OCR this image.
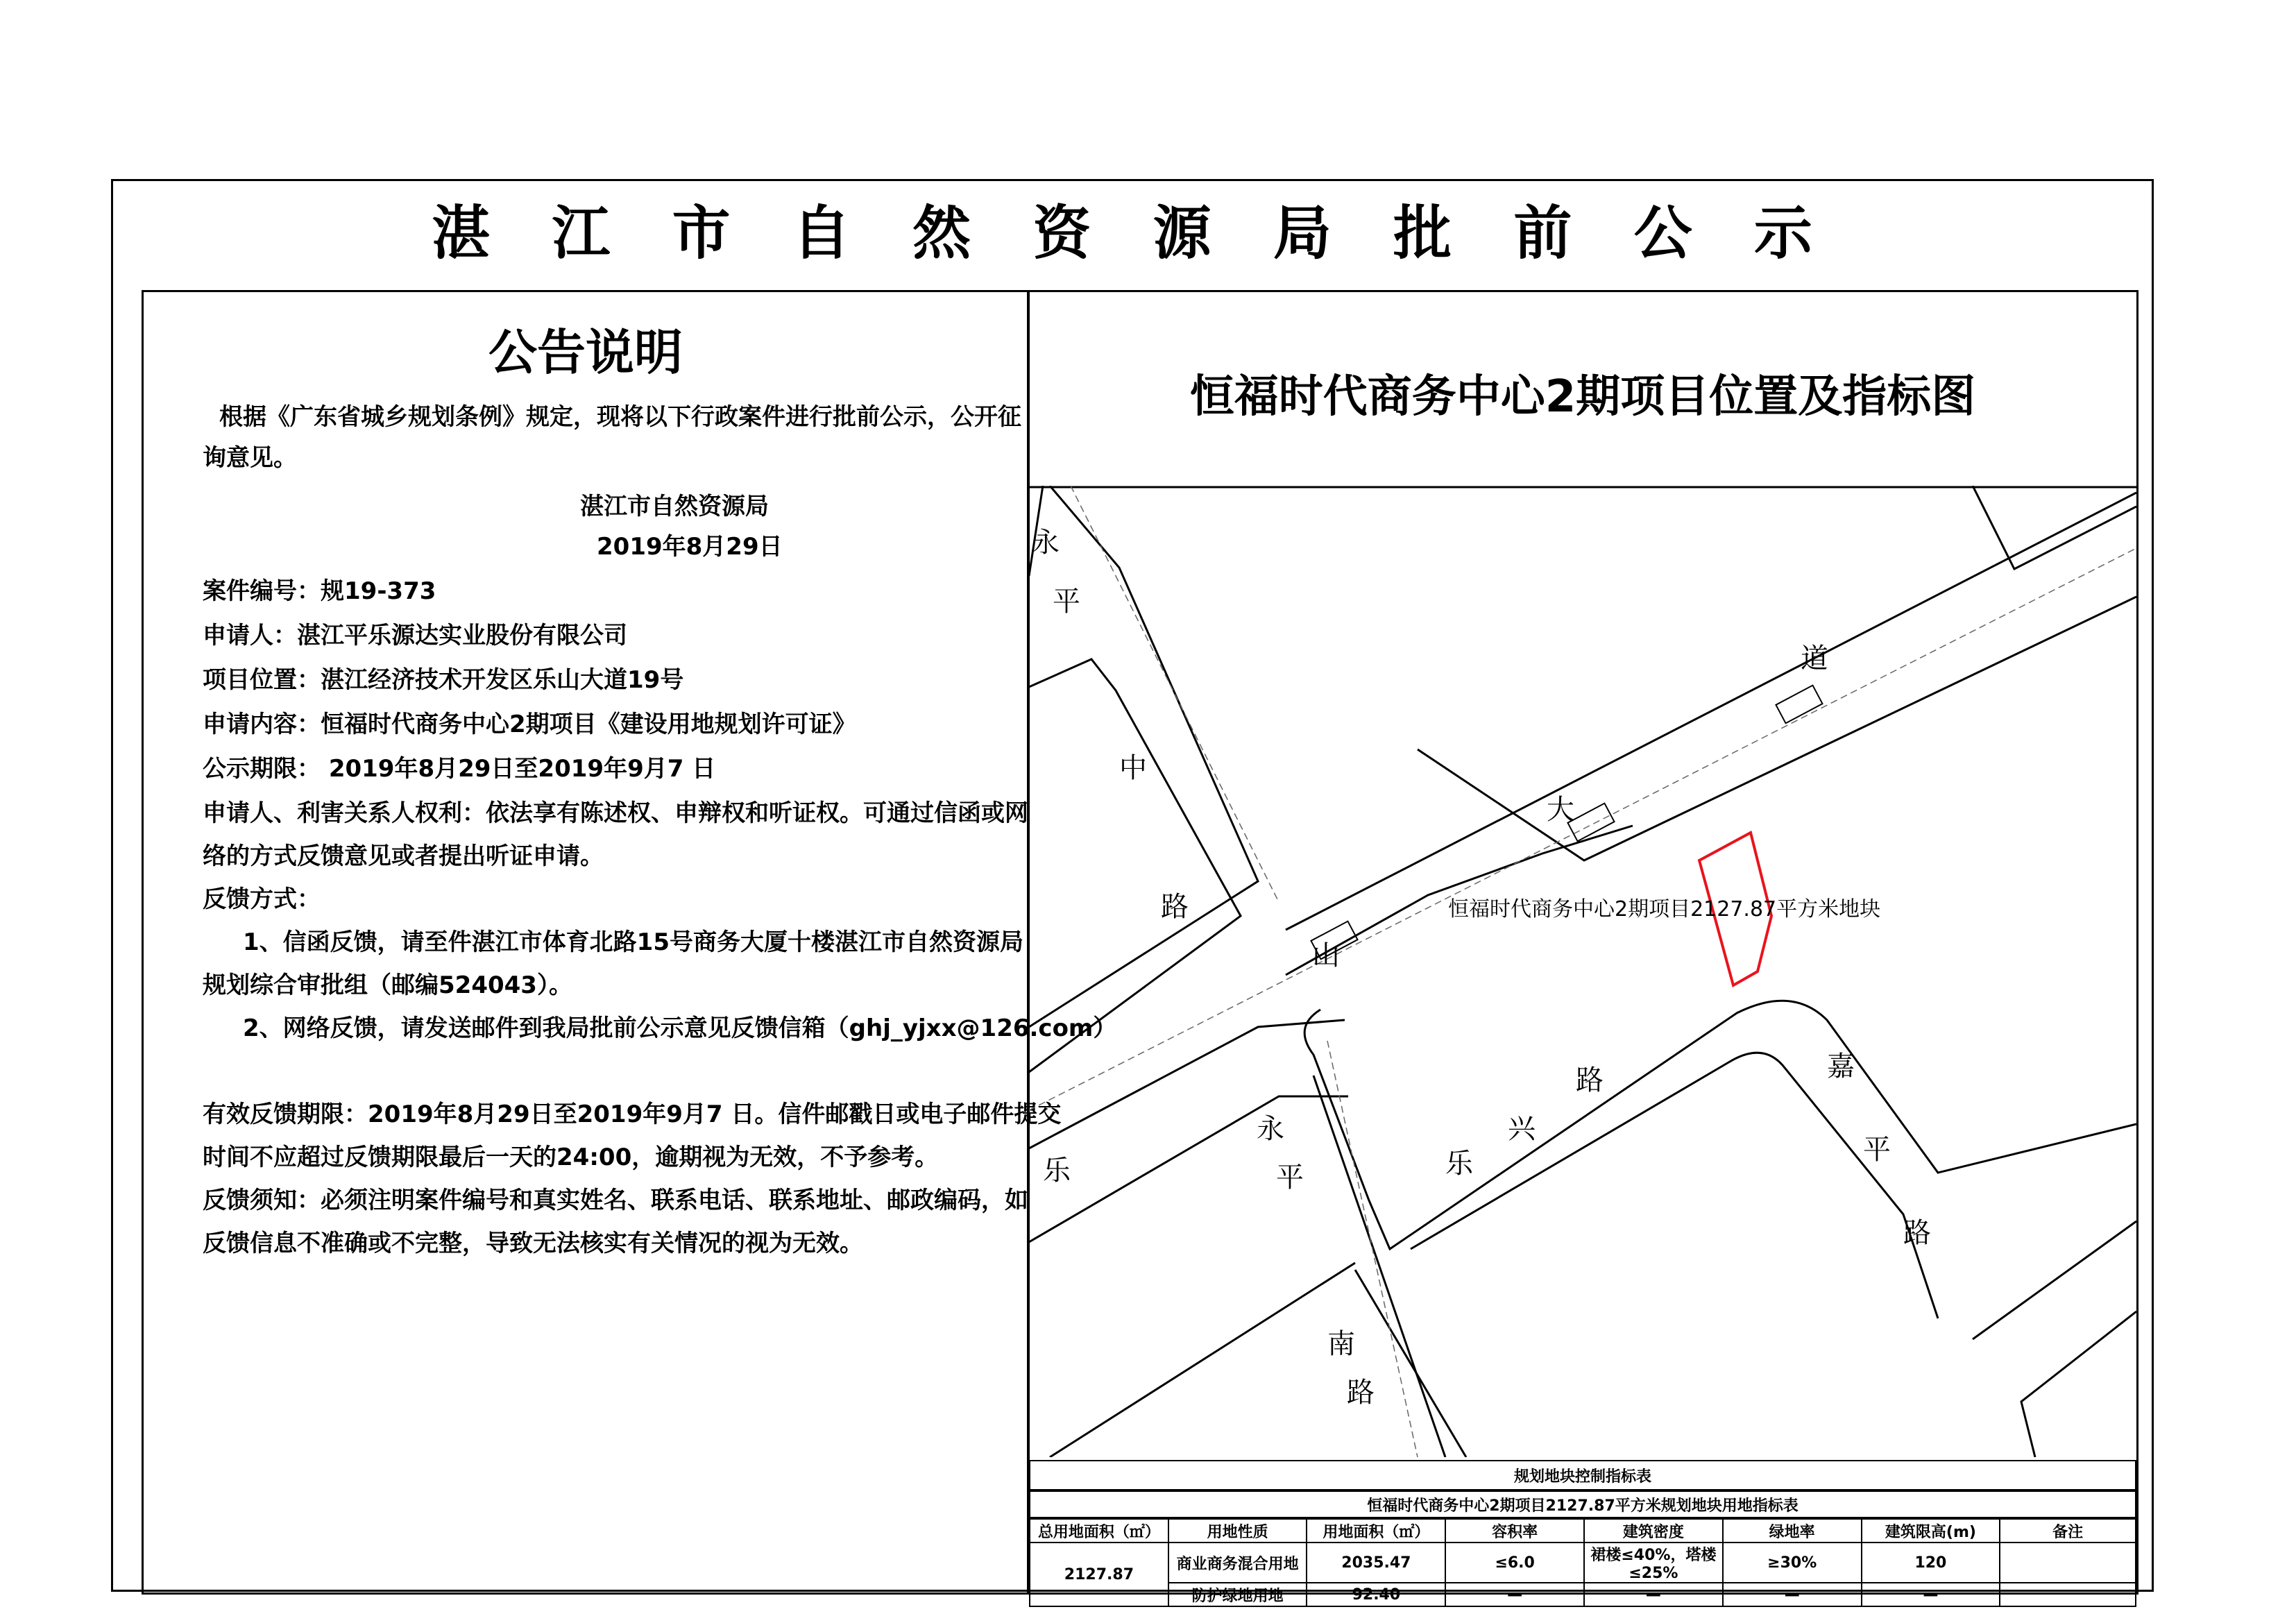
湛 江 市 自 然 资 源 局 批 前 公 示
公告说明
根据《广东省城乡规划条例》规定，现将以下行政案件进行批前公示，公开征
询意见。
湛江市自然资源局
2019年8月29日
案件编号：规19-373
申请人：湛江平乐源达实业股份有限公司
项目位置：湛江经济技术开发区乐山大道19号
申请内容：恒福时代商务中心2期项目《建设用地规划许可证》
公示期限： 2019年8月29日至2019年9月7 日
申请人、利害关系人权利：依法享有陈述权、申辩权和听证权。可通过信函或网
络的方式反馈意见或者提出听证申请。
反馈方式：
1、信函反馈，请至件湛江市体育北路15号商务大厦十楼湛江市自然资源局
规划综合审批组（邮编524043）。
2、网络反馈，请发送邮件到我局批前公示意见反馈信箱（ghj_yjxx@126.com）
有效反馈期限：2019年8月29日至2019年9月7 日。信件邮戳日或电子邮件提交
时间不应超过反馈期限最后一天的24:00，逾期视为无效，不予参考。
反馈须知：必须注明案件编号和真实姓名、联系电话、联系地址、邮政编码，如
反馈信息不准确或不完整，导致无法核实有关情况的视为无效。
恒福时代商务中心2期项目位置及指标图
恒福时代商务中心2期项目2127.87平方米地块
永
平
中
路
乐
山
大
道
永
平
南
路
乐
兴
路	嘉
平
路
规划地块控制指标表
恒福时代商务中心2期项目2127.87平方米规划地块用地指标表
总用地面积（㎡）	用地性质	用地面积（㎡）	容积率	建筑密度	绿地率	建筑限高(m)	备注
2127.87	商业商务混合用地	2035.47	≤6.0	裙楼≤40%，塔楼≤25%	≥30%	120	
	防护绿地用地	92.40	—	—	—	—	
